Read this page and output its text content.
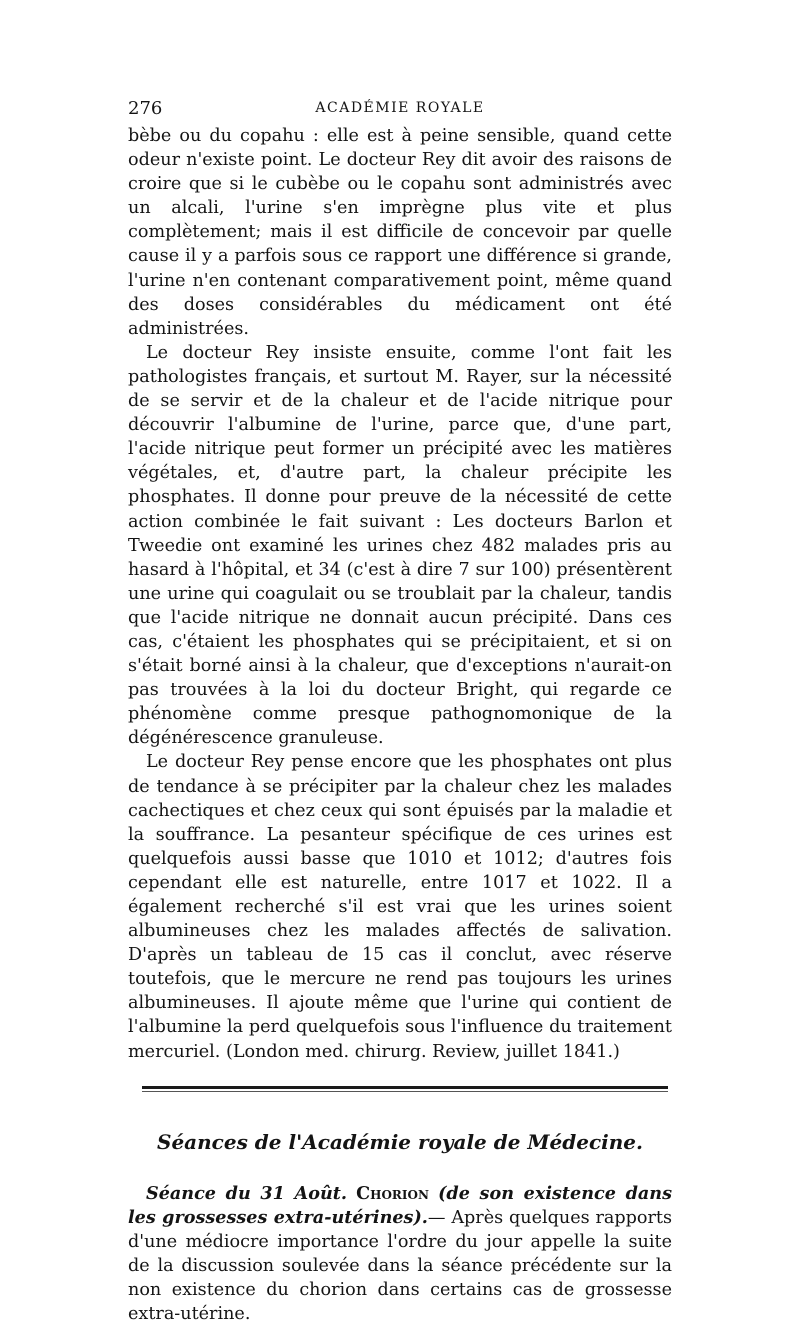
276	ACADÉMIE ROYALE

bèbe ou du copahu : elle est à peine sensible, quand cette odeur n'existe point. Le docteur Rey dit avoir des raisons de croire que si le cubèbe ou le copahu sont administrés avec un alcali, l'urine s'en imprègne plus vite et plus complètement; mais il est difficile de concevoir par quelle cause il y a parfois sous ce rapport une différence si grande, l'urine n'en contenant comparativement point, même quand des doses considérables du médicament ont été administrées.

Le docteur Rey insiste ensuite, comme l'ont fait les pathologistes français, et surtout M. Rayer, sur la nécessité de se servir et de la chaleur et de l'acide nitrique pour découvrir l'albumine de l'urine, parce que, d'une part, l'acide nitrique peut former un précipité avec les matières végétales, et, d'autre part, la chaleur précipite les phosphates. Il donne pour preuve de la nécessité de cette action combinée le fait suivant : Les docteurs Barlon et Tweedie ont examiné les urines chez 482 malades pris au hasard à l'hôpital, et 34 (c'est à dire 7 sur 100) présentèrent une urine qui coagulait ou se troublait par la chaleur, tandis que l'acide nitrique ne donnait aucun précipité. Dans ces cas, c'étaient les phosphates qui se précipitaient, et si on s'était borné ainsi à la chaleur, que d'exceptions n'aurait-on pas trouvées à la loi du docteur Bright, qui regarde ce phénomène comme presque pathognomonique de la dégénérescence granuleuse.

Le docteur Rey pense encore que les phosphates ont plus de tendance à se précipiter par la chaleur chez les malades cachectiques et chez ceux qui sont épuisés par la maladie et la souffrance. La pesanteur spécifique de ces urines est quelquefois aussi basse que 1010 et 1012; d'autres fois cependant elle est naturelle, entre 1017 et 1022. Il a également recherché s'il est vrai que les urines soient albumineuses chez les malades affectés de salivation. D'après un tableau de 15 cas il conclut, avec réserve toutefois, que le mercure ne rend pas toujours les urines albumineuses. Il ajoute même que l'urine qui contient de l'albumine la perd quelquefois sous l'influence du traitement mercuriel. (London med. chirurg. Review, juillet 1841.)

Séances de l'Académie royale de Médecine.

Séance du 31 Août. Chorion (de son existence dans les grossesses extra-utérines).— Après quelques rapports d'une médiocre importance l'ordre du jour appelle la suite de la discussion soulevée dans la séance précédente sur la non existence du chorion dans certains cas de grossesse extra-utérine.
